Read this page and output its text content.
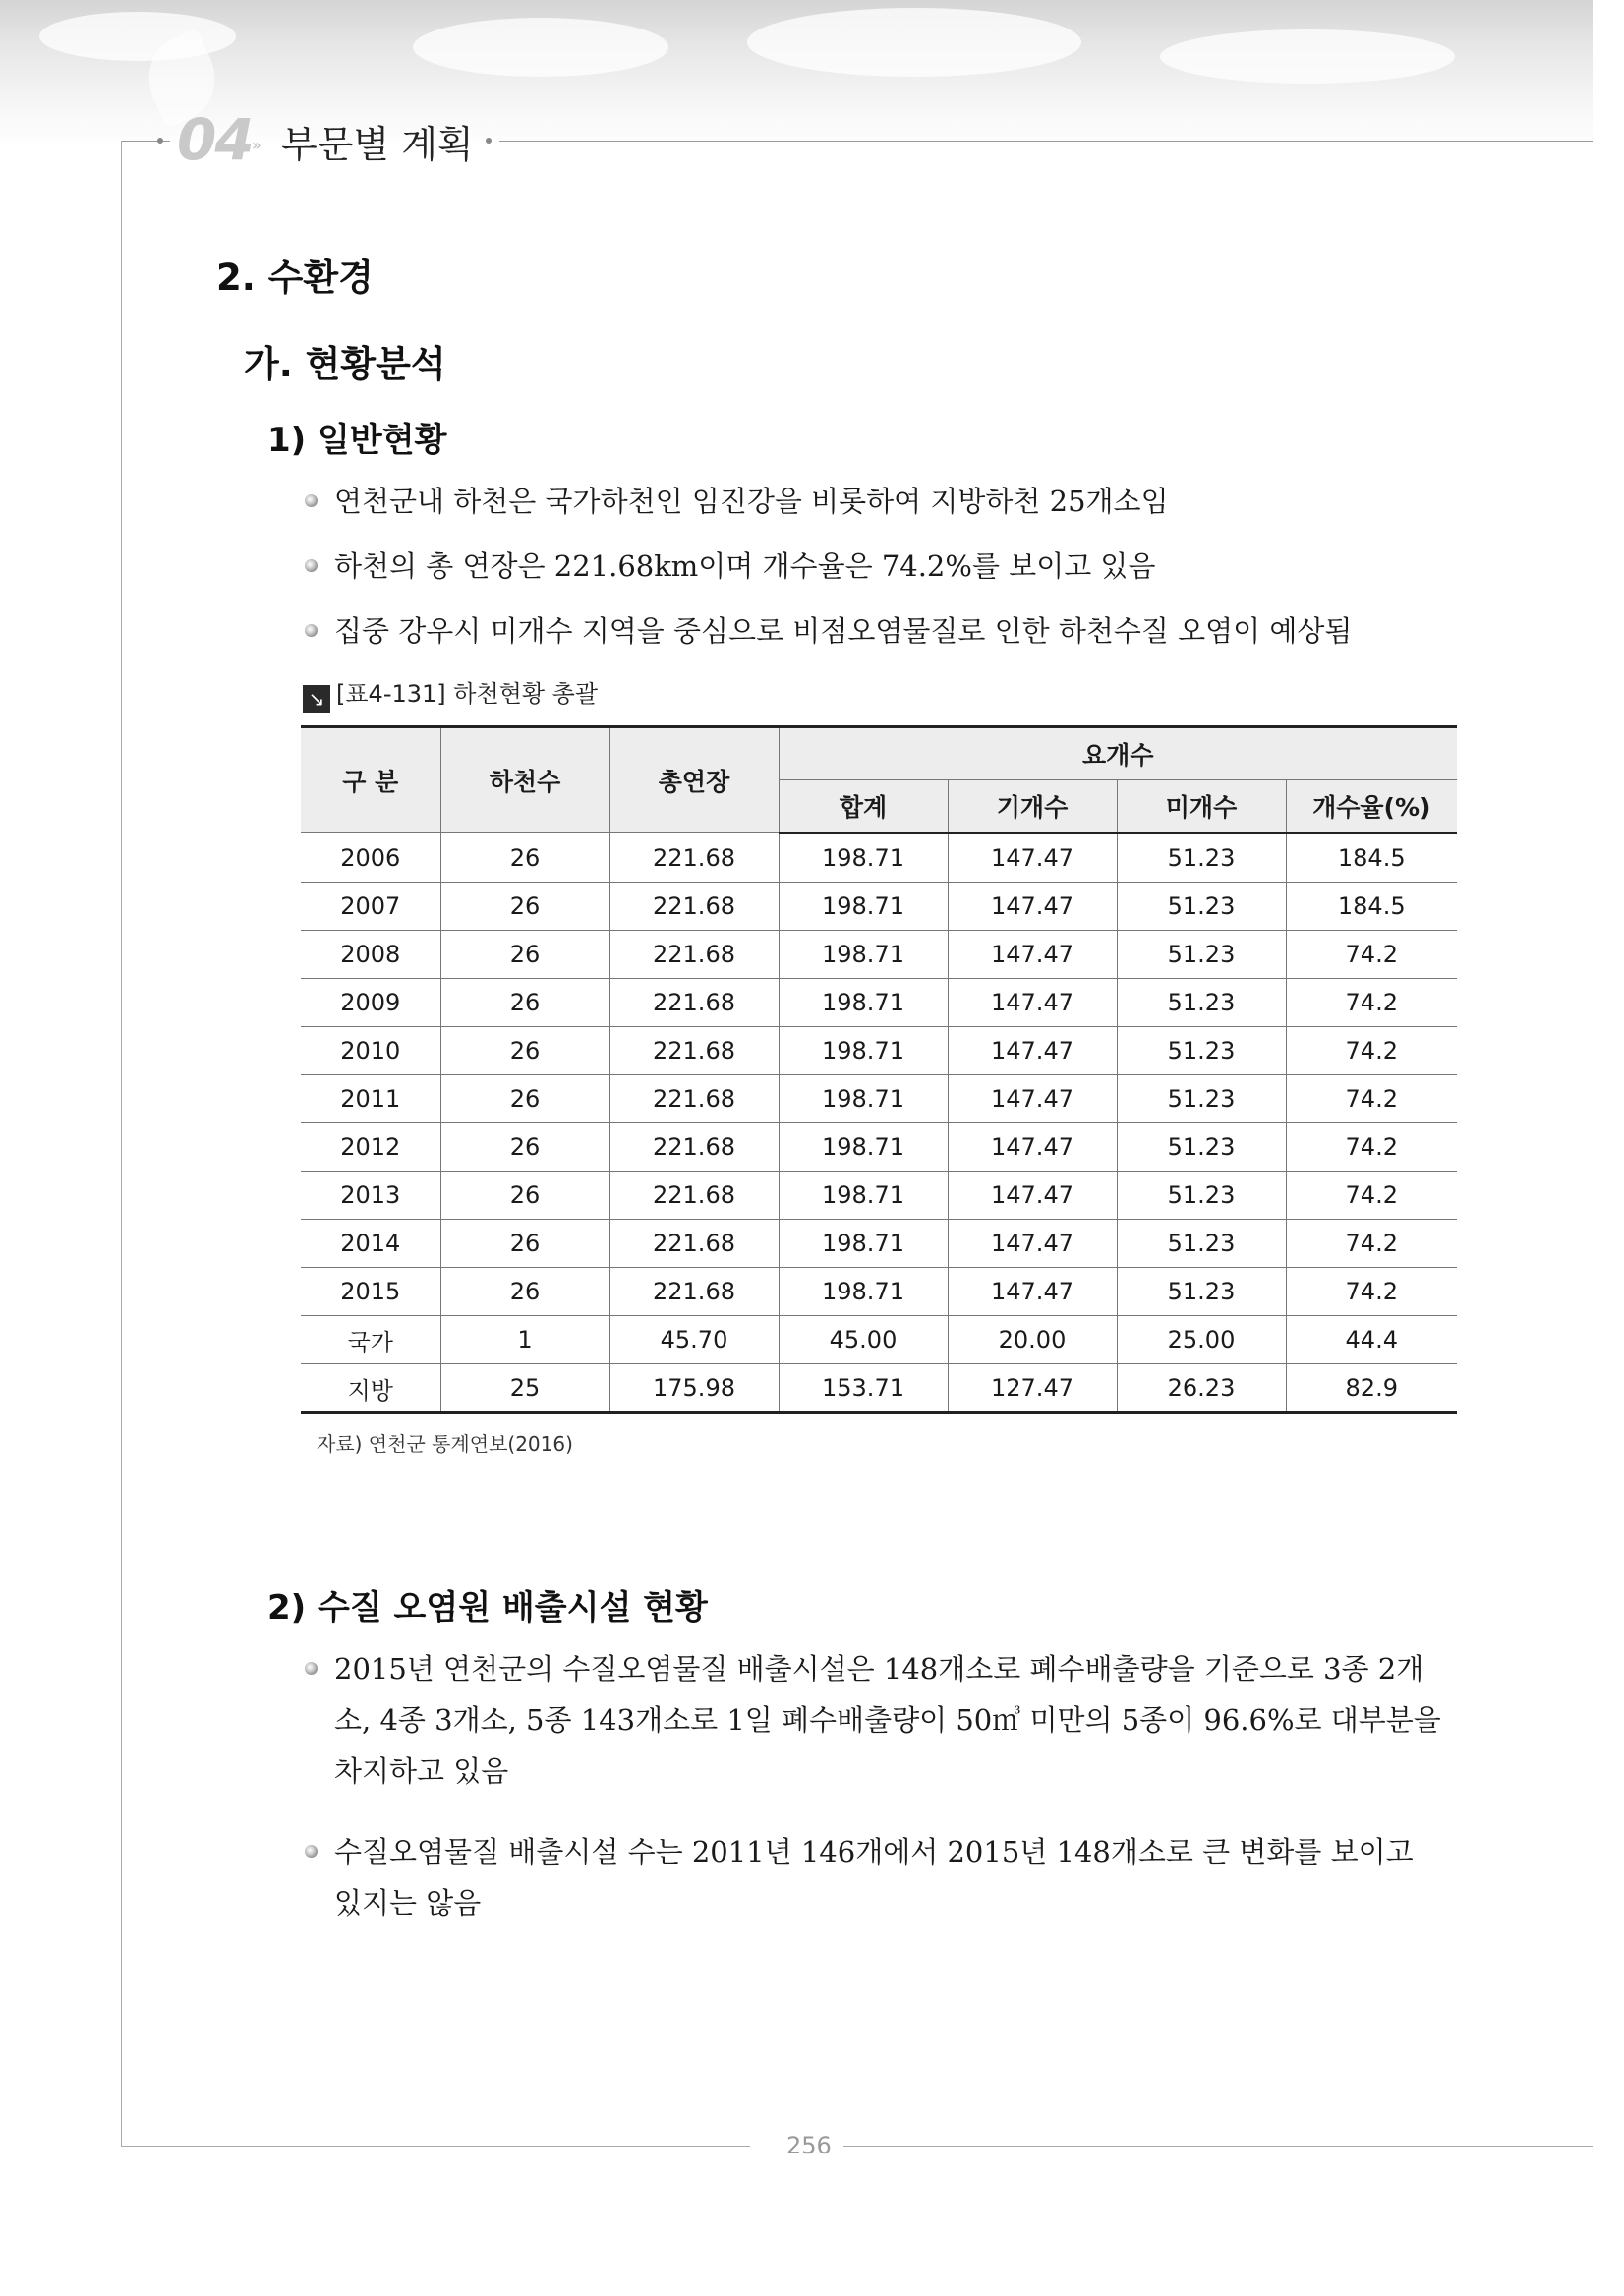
04 » 부문별 계획
2. 수환경
가. 현황분석
1) 일반현황
연천군내 하천은 국가하천인 임진강을 비롯하여 지방하천 25개소임
하천의 총 연장은 221.68km이며 개수율은 74.2%를 보이고 있음
집중 강우시 미개수 지역을 중심으로 비점오염물질로 인한 하천수질 오염이 예상됨
↘ [표4-131] 하천현황 총괄
구 분	하천수	총연장	요개수			
			합계	기개수	미개수	개수율(%)
2006	26	221.68	198.71	147.47	51.23	184.5
2007	26	221.68	198.71	147.47	51.23	184.5
2008	26	221.68	198.71	147.47	51.23	74.2
2009	26	221.68	198.71	147.47	51.23	74.2
2010	26	221.68	198.71	147.47	51.23	74.2
2011	26	221.68	198.71	147.47	51.23	74.2
2012	26	221.68	198.71	147.47	51.23	74.2
2013	26	221.68	198.71	147.47	51.23	74.2
2014	26	221.68	198.71	147.47	51.23	74.2
2015	26	221.68	198.71	147.47	51.23	74.2
국가	1	45.70	45.00	20.00	25.00	44.4
지방	25	175.98	153.71	127.47	26.23	82.9
자료) 연천군 통계연보(2016)
2) 수질 오염원 배출시설 현황
2015년 연천군의 수질오염물질 배출시설은 148개소로 폐수배출량을 기준으로 3종 2개소, 4종 3개소, 5종 143개소로 1일 폐수배출량이 50㎥ 미만의 5종이 96.6%로 대부분을 차지하고 있음
수질오염물질 배출시설 수는 2011년 146개에서 2015년 148개소로 큰 변화를 보이고 있지는 않음
256
